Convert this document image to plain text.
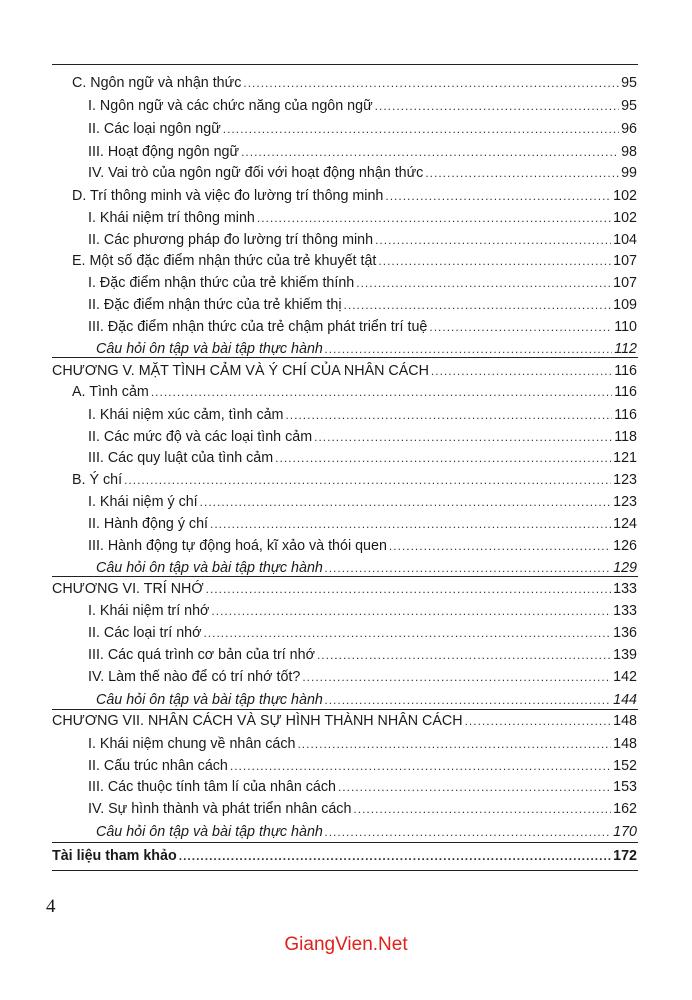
C. Ngôn ngữ và nhận thức .....	95
I. Ngôn ngữ và các chức năng của ngôn ngữ .....	95
II. Các loại ngôn ngữ .....	96
III. Hoạt động ngôn ngữ .....	98
IV. Vai trò của ngôn ngữ đối với hoạt động nhận thức .....	99
D. Trí thông minh và việc đo lường trí thông minh .....	102
I. Khái niệm trí thông minh .....	102
II. Các phương pháp đo lường trí thông minh .....	104
E. Một số đặc điểm nhận thức của trẻ khuyết tật .....	107
I. Đặc điểm nhận thức của trẻ khiếm thính .....	107
II. Đặc điểm nhận thức của trẻ khiếm thị .....	109
III. Đặc điểm nhận thức của trẻ chậm phát triển trí tuệ .....	110
Câu hỏi ôn tập và bài tập thực hành .....	112
CHƯƠNG V. MẶT TÌNH CẢM VÀ Ý CHÍ CỦA NHÂN CÁCH .....	116
A. Tình cảm .....	116
I. Khái niệm xúc cảm, tình cảm .....	116
II. Các mức độ và các loại tình cảm .....	118
III. Các quy luật của tình cảm .....	121
B. Ý chí .....	123
I. Khái niệm ý chí .....	123
II. Hành động ý chí .....	124
III. Hành động tự động hoá, kĩ xảo và thói quen .....	126
Câu hỏi ôn tập và bài tập thực hành .....	129
CHƯƠNG VI. TRÍ NHỚ .....	133
I. Khái niệm trí nhớ .....	133
II. Các loại trí nhớ .....	136
III. Các quá trình cơ bản của trí nhớ .....	139
IV. Làm thế nào để có trí nhớ tốt? .....	142
Câu hỏi ôn tập và bài tập thực hành .....	144
CHƯƠNG VII. NHÂN CÁCH VÀ SỰ HÌNH THÀNH NHÂN CÁCH .....	148
I. Khái niệm chung về nhân cách .....	148
II. Cấu trúc nhân cách .....	152
III. Các thuộc tính tâm lí của nhân cách .....	153
IV. Sự hình thành và phát triển nhân cách .....	162
Câu hỏi ôn tập và bài tập thực hành .....	170
Tài liệu tham khảo .....	172
4
GiangVien.Net
